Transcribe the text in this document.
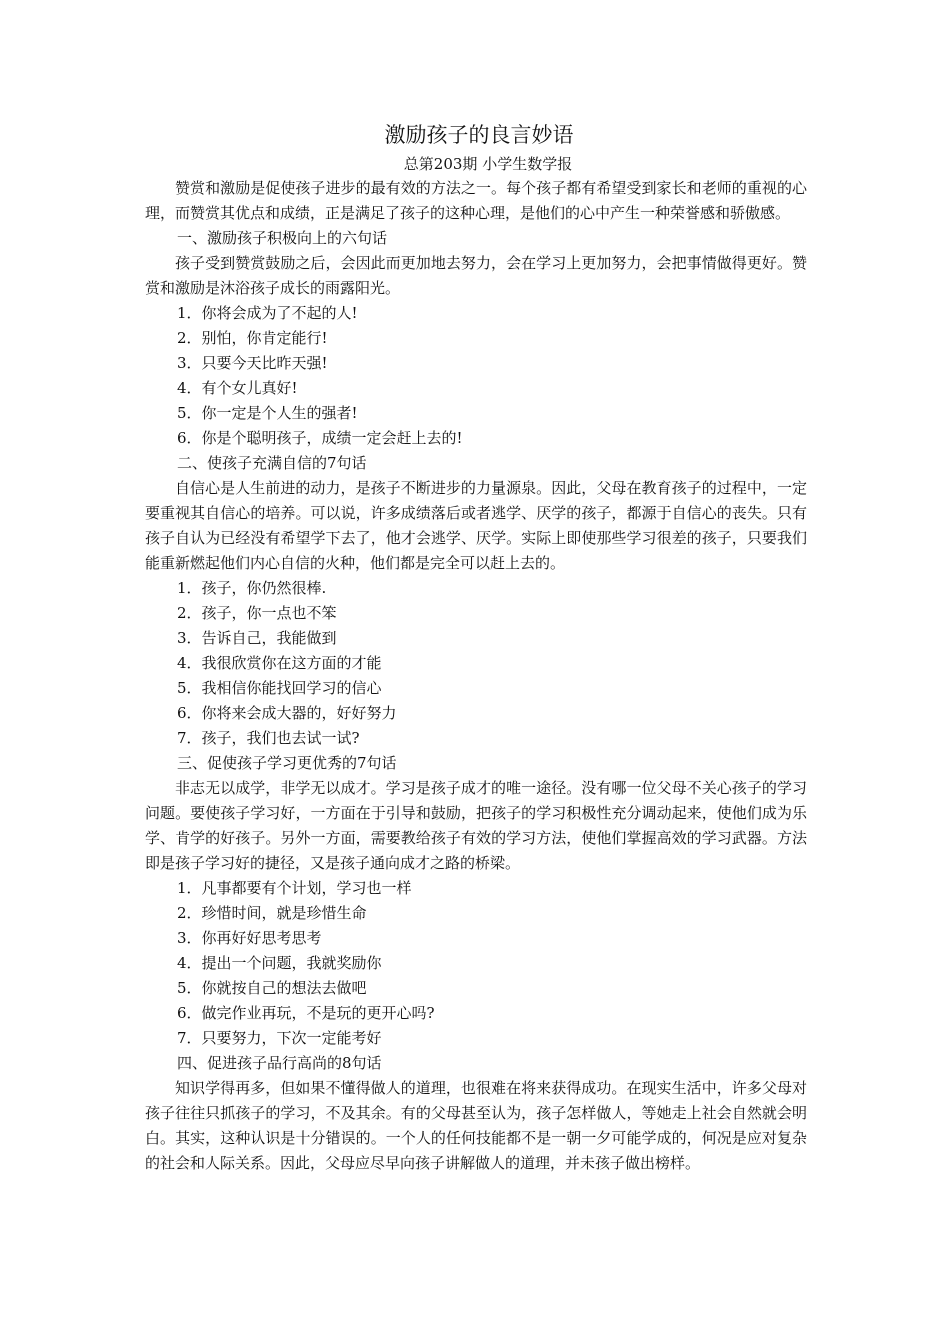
激励孩子的良言妙语

总第203期 小学生数学报

赞赏和激励是促使孩子进步的最有效的方法之一。每个孩子都有希望受到家长和老师的重视的心理，而赞赏其优点和成绩，正是满足了孩子的这种心理，是他们的心中产生一种荣誉感和骄傲感。

一、激励孩子积极向上的六句话

孩子受到赞赏鼓励之后，会因此而更加地去努力，会在学习上更加努力，会把事情做得更好。赞赏和激励是沐浴孩子成长的雨露阳光。

1．你将会成为了不起的人!

2．别怕，你肯定能行!

3．只要今天比昨天强!

4．有个女儿真好!

5．你一定是个人生的强者!

6．你是个聪明孩子，成绩一定会赶上去的!

二、使孩子充满自信的7句话

自信心是人生前进的动力，是孩子不断进步的力量源泉。因此，父母在教育孩子的过程中，一定要重视其自信心的培养。可以说，许多成绩落后或者逃学、厌学的孩子，都源于自信心的丧失。只有孩子自认为已经没有希望学下去了，他才会逃学、厌学。实际上即使那些学习很差的孩子，只要我们能重新燃起他们内心自信的火种，他们都是完全可以赶上去的。

1．孩子，你仍然很棒.

2．孩子，你一点也不笨

3．告诉自己，我能做到

4．我很欣赏你在这方面的才能

5．我相信你能找回学习的信心

6．你将来会成大器的，好好努力

7．孩子，我们也去试一试?

三、促使孩子学习更优秀的7句话

非志无以成学，非学无以成才。学习是孩子成才的唯一途径。没有哪一位父母不关心孩子的学习问题。要使孩子学习好，一方面在于引导和鼓励，把孩子的学习积极性充分调动起来，使他们成为乐学、肯学的好孩子。另外一方面，需要教给孩子有效的学习方法，使他们掌握高效的学习武器。方法即是孩子学习好的捷径，又是孩子通向成才之路的桥梁。

1．凡事都要有个计划，学习也一样

2．珍惜时间，就是珍惜生命

3．你再好好思考思考

4．提出一个问题，我就奖励你

5．你就按自己的想法去做吧

6．做完作业再玩，不是玩的更开心吗?

7．只要努力，下次一定能考好

四、促进孩子品行高尚的8句话

知识学得再多，但如果不懂得做人的道理，也很难在将来获得成功。在现实生活中，许多父母对孩子往往只抓孩子的学习，不及其余。有的父母甚至认为，孩子怎样做人，等她走上社会自然就会明白。其实，这种认识是十分错误的。一个人的任何技能都不是一朝一夕可能学成的，何况是应对复杂的社会和人际关系。因此，父母应尽早向孩子讲解做人的道理，并未孩子做出榜样。
